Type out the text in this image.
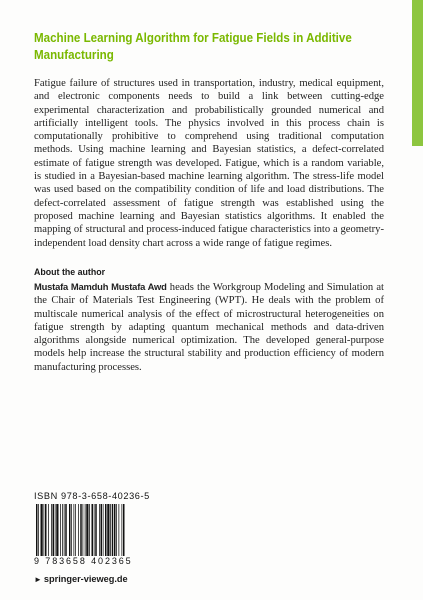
Machine Learning Algorithm for Fatigue Fields in Additive Manufacturing
Fatigue failure of structures used in transportation, industry, medical equipment, and electronic components needs to build a link between cutting-edge experimental characterization and probabilistically grounded numerical and artificially intelligent tools. The physics involved in this process chain is computationally prohibitive to comprehend using traditional computation methods. Using machine learning and Bayesian statistics, a defect-correlated estimate of fatigue strength was developed. Fatigue, which is a random variable, is studied in a Bayesian-based machine learning algorithm. The stress-life model was used based on the compatibility condition of life and load distributions. The defect-correlated assessment of fatigue strength was established using the proposed machine learning and Bayesian statistics algorithms. It enabled the mapping of structural and process-induced fatigue characteristics into a geometry-independent load density chart across a wide range of fatigue regimes.
About the author
Mustafa Mamduh Mustafa Awd heads the Workgroup Modeling and Simulation at the Chair of Materials Test Engineering (WPT). He deals with the problem of multiscale numerical analysis of the effect of microstructural heterogeneities on fatigue strength by adapting quantum mechanical methods and data-driven algorithms alongside numerical optimization. The developed general-purpose models help increase the structural stability and production efficiency of modern manufacturing processes.
ISBN 978-3-658-40236-5
9 783658 402365
► springer-vieweg.de
